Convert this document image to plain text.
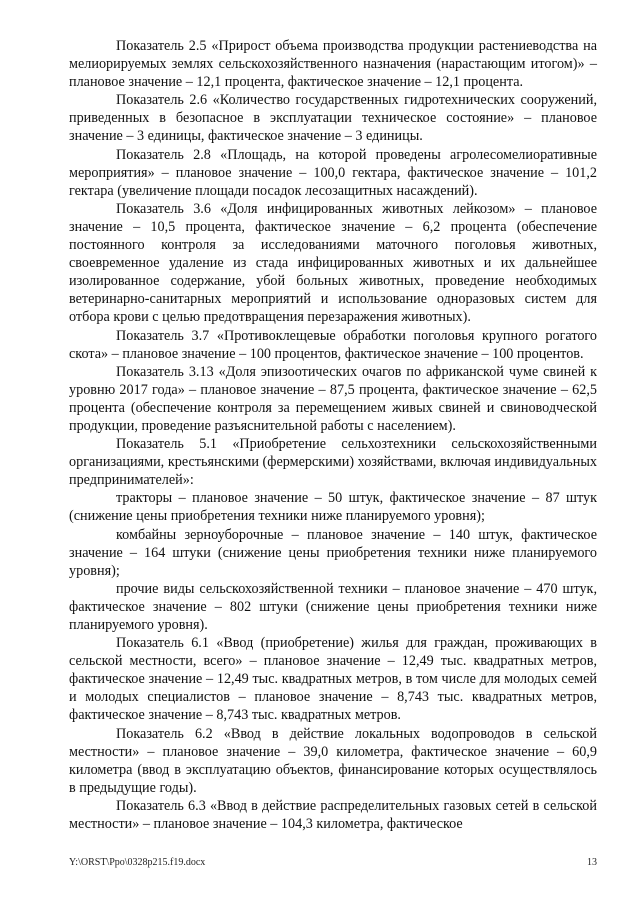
Показатель 2.5 «Прирост объема производства продукции растениеводства на мелиорируемых землях сельскохозяйственного назначения (нарастающим итогом)» – плановое значение – 12,1 процента, фактическое значение – 12,1 процента.

Показатель 2.6 «Количество государственных гидротехнических сооружений, приведенных в безопасное в эксплуатации техническое состояние» – плановое значение – 3 единицы, фактическое значение – 3 единицы.

Показатель 2.8 «Площадь, на которой проведены агролесомелиоративные мероприятия» – плановое значение – 100,0 гектара, фактическое значение – 101,2 гектара (увеличение площади посадок лесозащитных насаждений).

Показатель 3.6 «Доля инфицированных животных лейкозом» – плановое значение – 10,5 процента, фактическое значение – 6,2 процента (обеспечение постоянного контроля за исследованиями маточного поголовья животных, своевременное удаление из стада инфицированных животных и их дальнейшее изолированное содержание, убой больных животных, проведение необходимых ветеринарно-санитарных мероприятий и использование одноразовых систем для отбора крови с целью предотвращения перезаражения животных).

Показатель 3.7 «Противоклещевые обработки поголовья крупного рогатого скота» – плановое значение – 100 процентов, фактическое значение – 100 процентов.

Показатель 3.13 «Доля эпизоотических очагов по африканской чуме свиней к уровню 2017 года» – плановое значение – 87,5 процента, фактическое значение – 62,5 процента (обеспечение контроля за перемещением живых свиней и свиноводческой продукции, проведение разъяснительной работы с населением).

Показатель 5.1 «Приобретение сельхозтехники сельскохозяйственными организациями, крестьянскими (фермерскими) хозяйствами, включая индивидуальных предпринимателей»:

тракторы – плановое значение – 50 штук, фактическое значение – 87 штук (снижение цены приобретения техники ниже планируемого уровня);

комбайны зерноуборочные – плановое значение – 140 штук, фактическое значение – 164 штуки (снижение цены приобретения техники ниже планируемого уровня);

прочие виды сельскохозяйственной техники – плановое значение – 470 штук, фактическое значение – 802 штуки (снижение цены приобретения техники ниже планируемого уровня).

Показатель 6.1 «Ввод (приобретение) жилья для граждан, проживающих в сельской местности, всего» – плановое значение – 12,49 тыс. квадратных метров, фактическое значение – 12,49 тыс. квадратных метров, в том числе для молодых семей и молодых специалистов – плановое значение – 8,743 тыс. квадратных метров, фактическое значение – 8,743 тыс. квадратных метров.

Показатель 6.2 «Ввод в действие локальных водопроводов в сельской местности» – плановое значение – 39,0 километра, фактическое значение – 60,9 километра (ввод в эксплуатацию объектов, финансирование которых осуществлялось в предыдущие годы).

Показатель 6.3 «Ввод в действие распределительных газовых сетей в сельской местности» – плановое значение – 104,3 километра, фактическое

Y:\ORST\Ppo\0328p215.f19.docx	13
